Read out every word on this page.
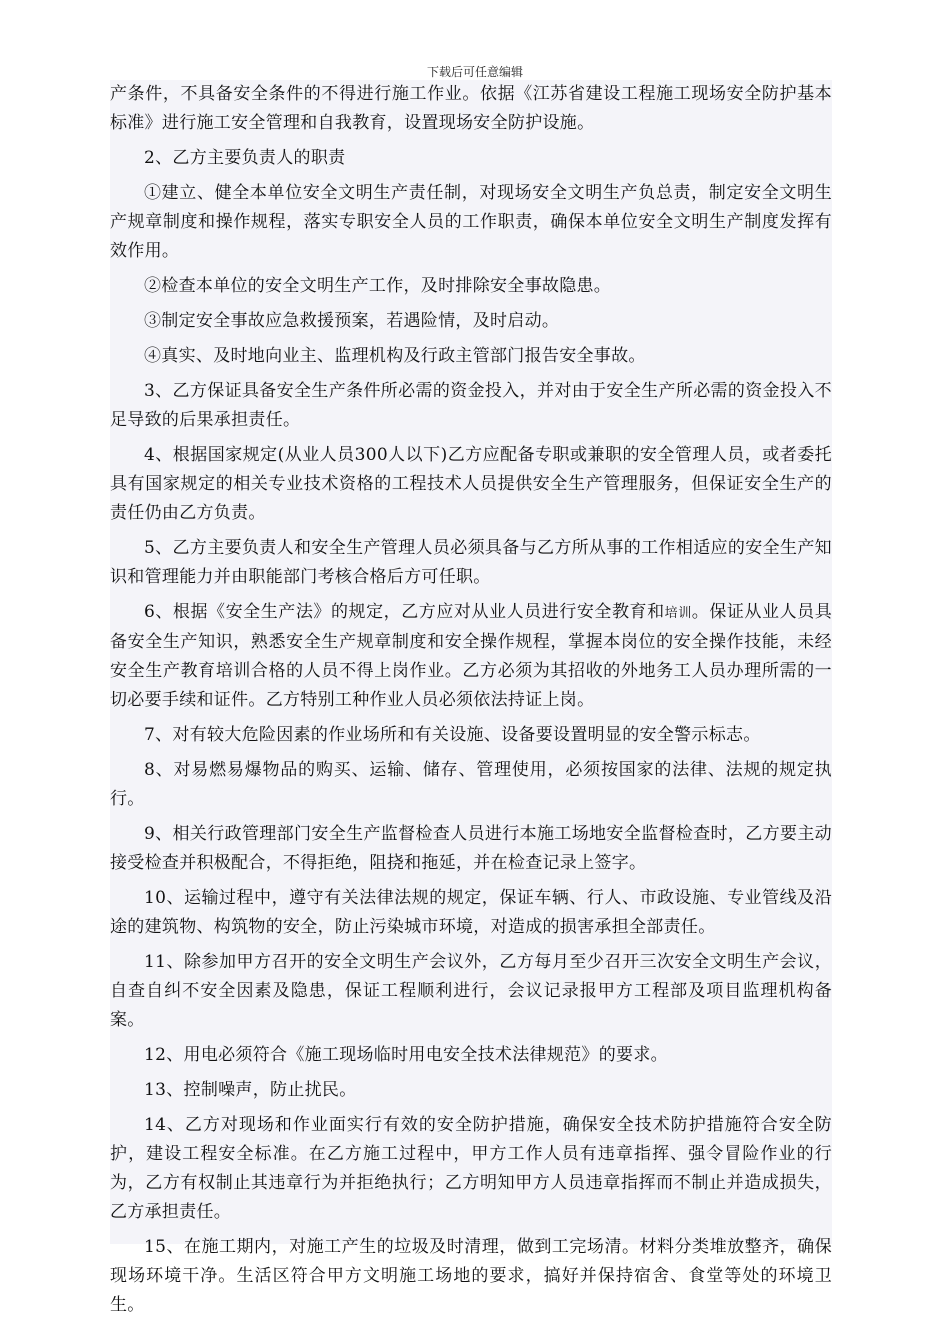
下载后可任意编辑

产条件，不具备安全条件的不得进行施工作业。依据《江苏省建设工程施工现场安全防护基本标准》进行施工安全管理和自我教育，设置现场安全防护设施。

2、乙方主要负责人的职责

①建立、健全本单位安全文明生产责任制，对现场安全文明生产负总责，制定安全文明生产规章制度和操作规程，落实专职安全人员的工作职责，确保本单位安全文明生产制度发挥有效作用。

②检查本单位的安全文明生产工作，及时排除安全事故隐患。

③制定安全事故应急救援预案，若遇险情，及时启动。

④真实、及时地向业主、监理机构及行政主管部门报告安全事故。

3、乙方保证具备安全生产条件所必需的资金投入，并对由于安全生产所必需的资金投入不足导致的后果承担责任。

4、根据国家规定(从业人员300人以下)乙方应配备专职或兼职的安全管理人员，或者委托具有国家规定的相关专业技术资格的工程技术人员提供安全生产管理服务，但保证安全生产的责任仍由乙方负责。

5、乙方主要负责人和安全生产管理人员必须具备与乙方所从事的工作相适应的安全生产知识和管理能力并由职能部门考核合格后方可任职。

6、根据《安全生产法》的规定，乙方应对从业人员进行安全教育和培训。保证从业人员具备安全生产知识，熟悉安全生产规章制度和安全操作规程，掌握本岗位的安全操作技能，未经安全生产教育培训合格的人员不得上岗作业。乙方必须为其招收的外地务工人员办理所需的一切必要手续和证件。乙方特别工种作业人员必须依法持证上岗。

7、对有较大危险因素的作业场所和有关设施、设备要设置明显的安全警示标志。

8、对易燃易爆物品的购买、运输、储存、管理使用，必须按国家的法律、法规的规定执行。

9、相关行政管理部门安全生产监督检查人员进行本施工场地安全监督检查时，乙方要主动接受检查并积极配合，不得拒绝，阻挠和拖延，并在检查记录上签字。

10、运输过程中，遵守有关法律法规的规定，保证车辆、行人、市政设施、专业管线及沿途的建筑物、构筑物的安全，防止污染城市环境，对造成的损害承担全部责任。

11、除参加甲方召开的安全文明生产会议外，乙方每月至少召开三次安全文明生产会议，自查自纠不安全因素及隐患，保证工程顺利进行，会议记录报甲方工程部及项目监理机构备案。

12、用电必须符合《施工现场临时用电安全技术法律规范》的要求。

13、控制噪声，防止扰民。

14、乙方对现场和作业面实行有效的安全防护措施，确保安全技术防护措施符合安全防护，建设工程安全标准。在乙方施工过程中，甲方工作人员有违章指挥、强令冒险作业的行为，乙方有权制止其违章行为并拒绝执行；乙方明知甲方人员违章指挥而不制止并造成损失，乙方承担责任。

15、在施工期内，对施工产生的垃圾及时清理，做到工完场清。材料分类堆放整齐，确保现场环境干净。生活区符合甲方文明施工场地的要求，搞好并保持宿舍、食堂等处的环境卫生。
